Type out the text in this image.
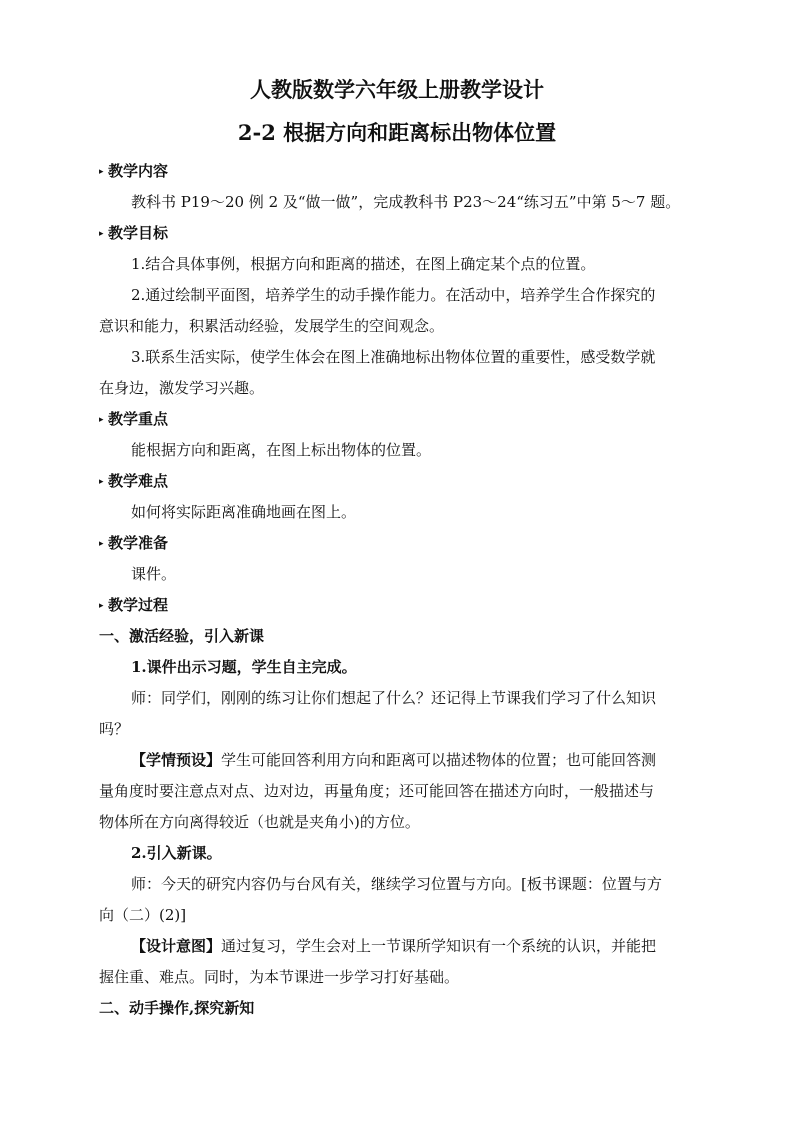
人教版数学六年级上册教学设计
2-2 根据方向和距离标出物体位置
▸ 教学内容
教科书 P19～20 例 2 及“做一做”，完成教科书 P23～24“练习五”中第 5～7 题。
▸ 教学目标
1.结合具体事例，根据方向和距离的描述，在图上确定某个点的位置。
2.通过绘制平面图，培养学生的动手操作能力。在活动中，培养学生合作探究的
意识和能力，积累活动经验，发展学生的空间观念。
3.联系生活实际，使学生体会在图上准确地标出物体位置的重要性，感受数学就
在身边，激发学习兴趣。
▸ 教学重点
能根据方向和距离，在图上标出物体的位置。
▸ 教学难点
如何将实际距离准确地画在图上。
▸ 教学准备
课件。
▸ 教学过程
一、激活经验，引入新课
1.课件出示习题，学生自主完成。
师：同学们，刚刚的练习让你们想起了什么？还记得上节课我们学习了什么知识
吗？
【学情预设】学生可能回答利用方向和距离可以描述物体的位置；也可能回答测
量角度时要注意点对点、边对边，再量角度；还可能回答在描述方向时，一般描述与
物体所在方向离得较近（也就是夹角小)的方位。
2.引入新课。
师：今天的研究内容仍与台风有关，继续学习位置与方向。[板书课题：位置与方
向（二）(2)]
【设计意图】通过复习，学生会对上一节课所学知识有一个系统的认识，并能把
握住重、难点。同时，为本节课进一步学习打好基础。
二、动手操作,探究新知
